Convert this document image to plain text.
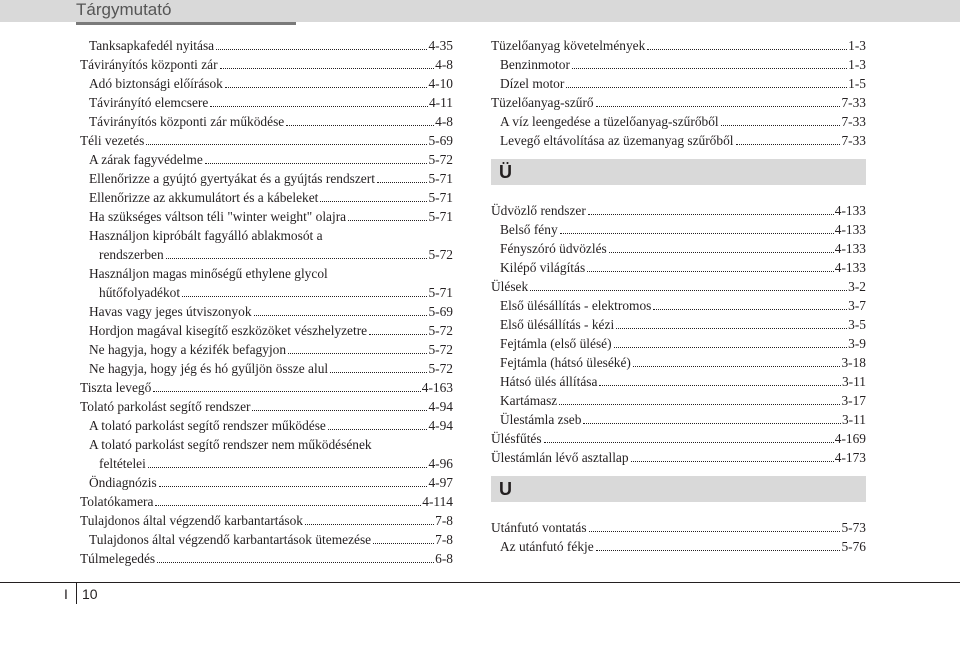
Tárgymutató
Tanksapkafedél nyitása	4-35
Távirányítós központi zár	4-8
Adó biztonsági előírások	4-10
Távirányító elemcsere	4-11
Távirányítós központi zár működése	4-8
Téli vezetés	5-69
A zárak fagyvédelme	5-72
Ellenőrizze a gyújtó gyertyákat és a gyújtás rendszert	5-71
Ellenőrizze az akkumulátort és a kábeleket	5-71
Ha szükséges váltson téli "winter weight" olajra	5-71
Használjon kipróbált fagyálló ablakmosót a
rendszerben	5-72
Használjon magas minőségű ethylene glycol
hűtőfolyadékot	5-71
Havas vagy jeges útviszonyok	5-69
Hordjon magával kisegítő eszközöket vészhelyzetre	5-72
Ne hagyja, hogy a kézifék befagyjon	5-72
Ne hagyja, hogy jég és hó gyűljön össze alul	5-72
Tiszta levegő	4-163
Tolató parkolást segítő rendszer	4-94
A tolató parkolást segítő rendszer működése	4-94
A tolató parkolást segítő rendszer nem működésének
feltételei	4-96
Öndiagnózis	4-97
Tolatókamera	4-114
Tulajdonos által végzendő karbantartások	7-8
Tulajdonos által végzendő karbantartások ütemezése	7-8
Túlmelegedés	6-8
Tüzelőanyag követelmények	1-3
Benzinmotor	1-3
Dízel motor	1-5
Tüzelőanyag-szűrő	7-33
A víz leengedése a tüzelőanyag-szűrőből	7-33
Levegő eltávolítása az üzemanyag szűrőből	7-33
Ü
Üdvözlő rendszer	4-133
Belső fény	4-133
Fényszóró üdvözlés	4-133
Kilépő világítás	4-133
Ülések	3-2
Első ülésállítás - elektromos	3-7
Első ülésállítás - kézi	3-5
Fejtámla (első ülésé)	3-9
Fejtámla (hátsó üleséké)	3-18
Hátsó ülés állítása	3-11
Kartámasz	3-17
Ülestámla zseb	3-11
Ülésfűtés	4-169
Ülestámlán lévő asztallap	4-173
U
Utánfutó vontatás	5-73
Az utánfutó fékje	5-76
I 10
